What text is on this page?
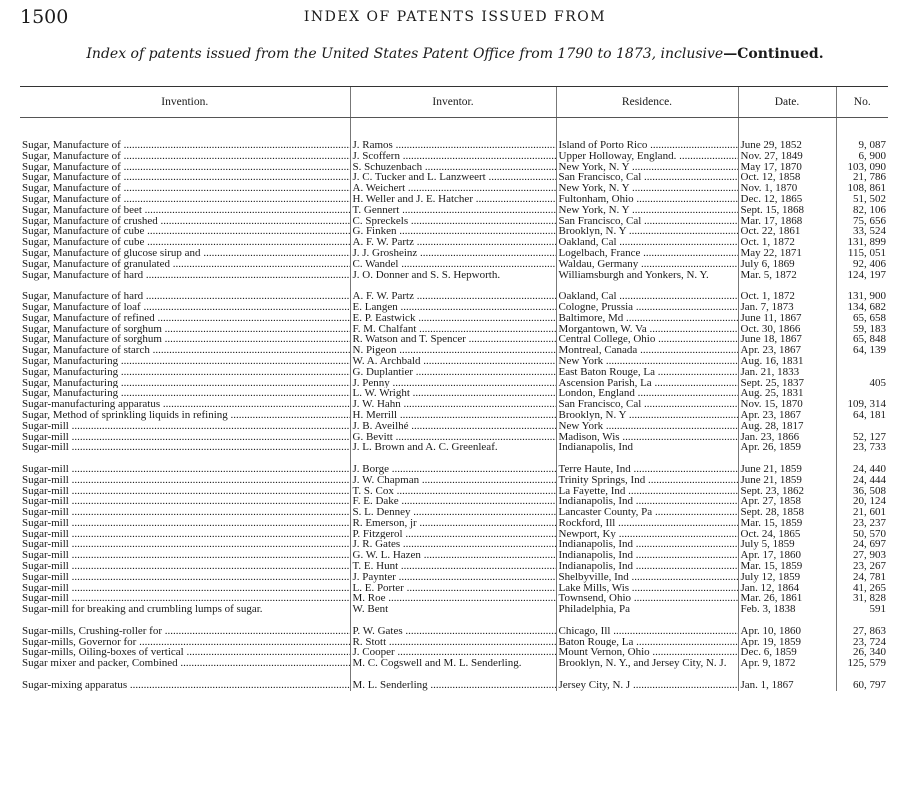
1500	INDEX OF PATENTS ISSUED FROM
Index of patents issued from the United States Patent Office from 1790 to 1873, inclusive—Continued.
Invention.	Inventor.	Residence.	Date.	No.
Sugar, Manufacture of .....	J. Ramos .....	Island of Porto Rico .....	June 29, 1852	9, 087
Sugar, Manufacture of .....	J. Scoffern .....	Upper Holloway, England. .....	Nov. 27, 1849	6, 900
Sugar, Manufacture of .....	S. Schuzenbach .....	New York, N. Y .....	May 17, 1870	103, 090
Sugar, Manufacture of .....	J. C. Tucker and L. Lanzweert .....	San Francisco, Cal .....	Oct. 12, 1858	21, 786
Sugar, Manufacture of .....	A. Weichert .....	New York, N. Y .....	Nov. 1, 1870	108, 861
Sugar, Manufacture of .....	H. Weller and J. E. Hatcher .....	Fultonham, Ohio .....	Dec. 12, 1865	51, 502
Sugar, Manufacture of beet .....	T. Gennert .....	New York, N. Y .....	Sept. 15, 1868	82, 106
Sugar, Manufacture of crushed .....	C. Spreckels .....	San Francisco, Cal .....	Mar. 17, 1868	75, 656
Sugar, Manufacture of cube .....	G. Finken .....	Brooklyn, N. Y .....	Oct. 22, 1861	33, 524
Sugar, Manufacture of cube .....	A. F. W. Partz .....	Oakland, Cal .....	Oct. 1, 1872	131, 899
Sugar, Manufacture of glucose sirup and .....	J. J. Grosheinz .....	Logelbach, France .....	May 22, 1871	115, 051
Sugar, Manufacture of granulated .....	C. Wandel .....	Waldau, Germany .....	July 6, 1869	92, 406
Sugar, Manufacture of hard .....	J. O. Donner and S. S. Hepworth.	Williamsburgh and Yonkers, N. Y.	Mar. 5, 1872	124, 197
Sugar, Manufacture of hard .....	A. F. W. Partz .....	Oakland, Cal .....	Oct. 1, 1872	131, 900
Sugar, Manufacture of loaf .....	E. Langen .....	Cologne, Prussia .....	Jan. 7, 1873	134, 682
Sugar, Manufacture of refined .....	E. P. Eastwick .....	Baltimore, Md .....	June 11, 1867	65, 658
Sugar, Manufacture of sorghum .....	F. M. Chalfant .....	Morgantown, W. Va .....	Oct. 30, 1866	59, 183
Sugar, Manufacture of sorghum .....	R. Watson and T. Spencer .....	Central College, Ohio .....	June 18, 1867	65, 848
Sugar, Manufacture of starch .....	N. Pigeon .....	Montreal, Canada .....	Apr. 23, 1867	64, 139
Sugar, Manufacturing .....	W. A. Archbald .....	New York .....	Aug. 16, 1831	
Sugar, Manufacturing .....	G. Duplantier .....	East Baton Rouge, La .....	Jan. 21, 1833	
Sugar, Manufacturing .....	J. Penny .....	Ascension Parish, La .....	Sept. 25, 1837	405
Sugar, Manufacturing .....	L. W. Wright .....	London, England .....	Aug. 25, 1831	
Sugar-manufacturing apparatus .....	J. W. Hahn .....	San Francisco, Cal .....	Nov. 15, 1870	109, 314
Sugar, Method of sprinkling liquids in refining .....	H. Merrill .....	Brooklyn, N. Y .....	Apr. 23, 1867	64, 181
Sugar-mill .....	J. B. Aveilhé .....	New York .....	Aug. 28, 1817	
Sugar-mill .....	G. Bevitt .....	Madison, Wis .....	Jan. 23, 1866	52, 127
Sugar-mill .....	J. L. Brown and A. C. Greenleaf.	Indianapolis, Ind	Apr. 26, 1859	23, 733
Sugar-mill .....	J. Borge .....	Terre Haute, Ind .....	June 21, 1859	24, 440
Sugar-mill .....	J. W. Chapman .....	Trinity Springs, Ind .....	June 21, 1859	24, 444
Sugar-mill .....	T. S. Cox .....	La Fayette, Ind .....	Sept. 23, 1862	36, 508
Sugar-mill .....	F. E. Dake .....	Indianapolis, Ind .....	Apr. 27, 1858	20, 124
Sugar-mill .....	S. L. Denney .....	Lancaster County, Pa .....	Sept. 28, 1858	21, 601
Sugar-mill .....	R. Emerson, jr .....	Rockford, Ill .....	Mar. 15, 1859	23, 237
Sugar-mill .....	P. Fitzgerol .....	Newport, Ky .....	Oct. 24, 1865	50, 570
Sugar-mill .....	J. R. Gates .....	Indianapolis, Ind .....	July 5, 1859	24, 697
Sugar-mill .....	G. W. L. Hazen .....	Indianapolis, Ind .....	Apr. 17, 1860	27, 903
Sugar-mill .....	T. E. Hunt .....	Indianapolis, Ind .....	Mar. 15, 1859	23, 267
Sugar-mill .....	J. Paynter .....	Shelbyville, Ind .....	July 12, 1859	24, 781
Sugar-mill .....	L. E. Porter .....	Lake Mills, Wis .....	Jan. 12, 1864	41, 265
Sugar-mill .....	M. Roe .....	Townsend, Ohio .....	Mar. 26, 1861	31, 828
Sugar-mill for breaking and crumbling lumps of sugar.	W. Bent	Philadelphia, Pa	Feb. 3, 1838	591
Sugar-mills, Crushing-roller for .....	P. W. Gates .....	Chicago, Ill .....	Apr. 10, 1860	27, 863
Sugar-mills, Governor for .....	R. Stott .....	Baton Rouge, La .....	Apr. 19, 1859	23, 724
Sugar-mills, Oiling-boxes of vertical .....	J. Cooper .....	Mount Vernon, Ohio .....	Dec. 6, 1859	26, 340
Sugar mixer and packer, Combined .....	M. C. Cogswell and M. L. Senderling.	Brooklyn, N. Y., and Jersey City, N. J.	Apr. 9, 1872	125, 579
Sugar-mixing apparatus .....	M. L. Senderling .....	Jersey City, N. J .....	Jan. 1, 1867	60, 797
